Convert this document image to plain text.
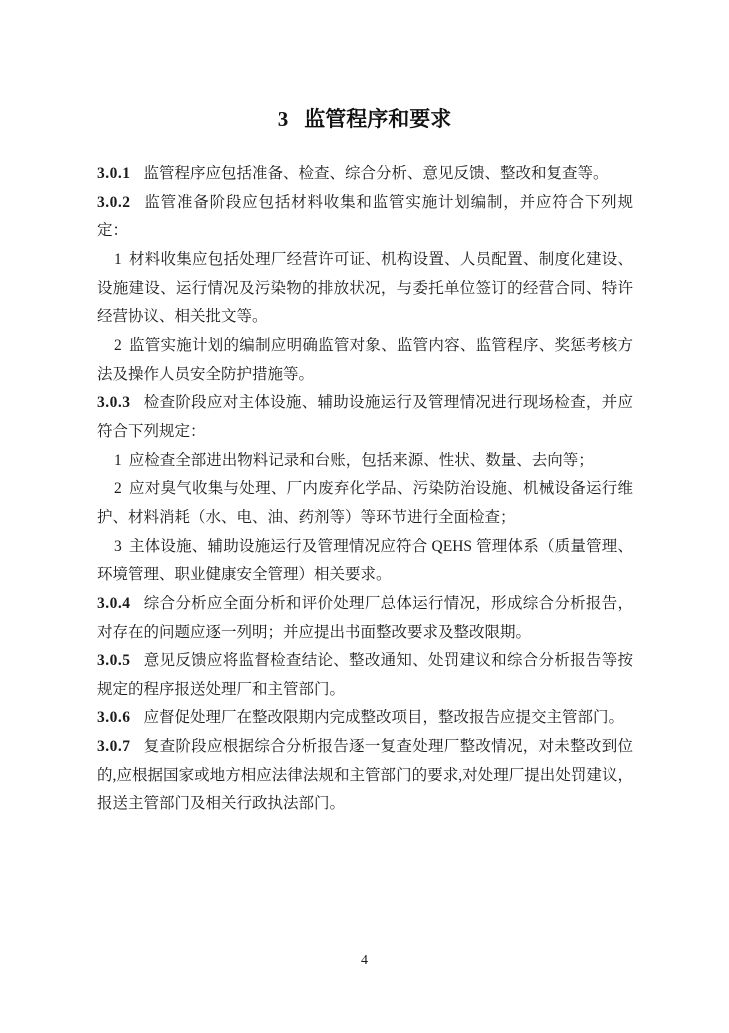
3 监管程序和要求

3.0.1 监管程序应包括准备、检查、综合分析、意见反馈、整改和复查等。

3.0.2 监管准备阶段应包括材料收集和监管实施计划编制，并应符合下列规定：

1 材料收集应包括处理厂经营许可证、机构设置、人员配置、制度化建设、设施建设、运行情况及污染物的排放状况，与委托单位签订的经营合同、特许经营协议、相关批文等。

2 监管实施计划的编制应明确监管对象、监管内容、监管程序、奖惩考核方法及操作人员安全防护措施等。

3.0.3 检查阶段应对主体设施、辅助设施运行及管理情况进行现场检查，并应符合下列规定：

1 应检查全部进出物料记录和台账，包括来源、性状、数量、去向等；

2 应对臭气收集与处理、厂内废弃化学品、污染防治设施、机械设备运行维护、材料消耗（水、电、油、药剂等）等环节进行全面检查；

3 主体设施、辅助设施运行及管理情况应符合 QEHS 管理体系（质量管理、环境管理、职业健康安全管理）相关要求。

3.0.4 综合分析应全面分析和评价处理厂总体运行情况，形成综合分析报告，对存在的问题应逐一列明；并应提出书面整改要求及整改限期。

3.0.5 意见反馈应将监督检查结论、整改通知、处罚建议和综合分析报告等按规定的程序报送处理厂和主管部门。

3.0.6 应督促处理厂在整改限期内完成整改项目，整改报告应提交主管部门。

3.0.7 复查阶段应根据综合分析报告逐一复查处理厂整改情况，对未整改到位的,应根据国家或地方相应法律法规和主管部门的要求,对处理厂提出处罚建议，报送主管部门及相关行政执法部门。

4
